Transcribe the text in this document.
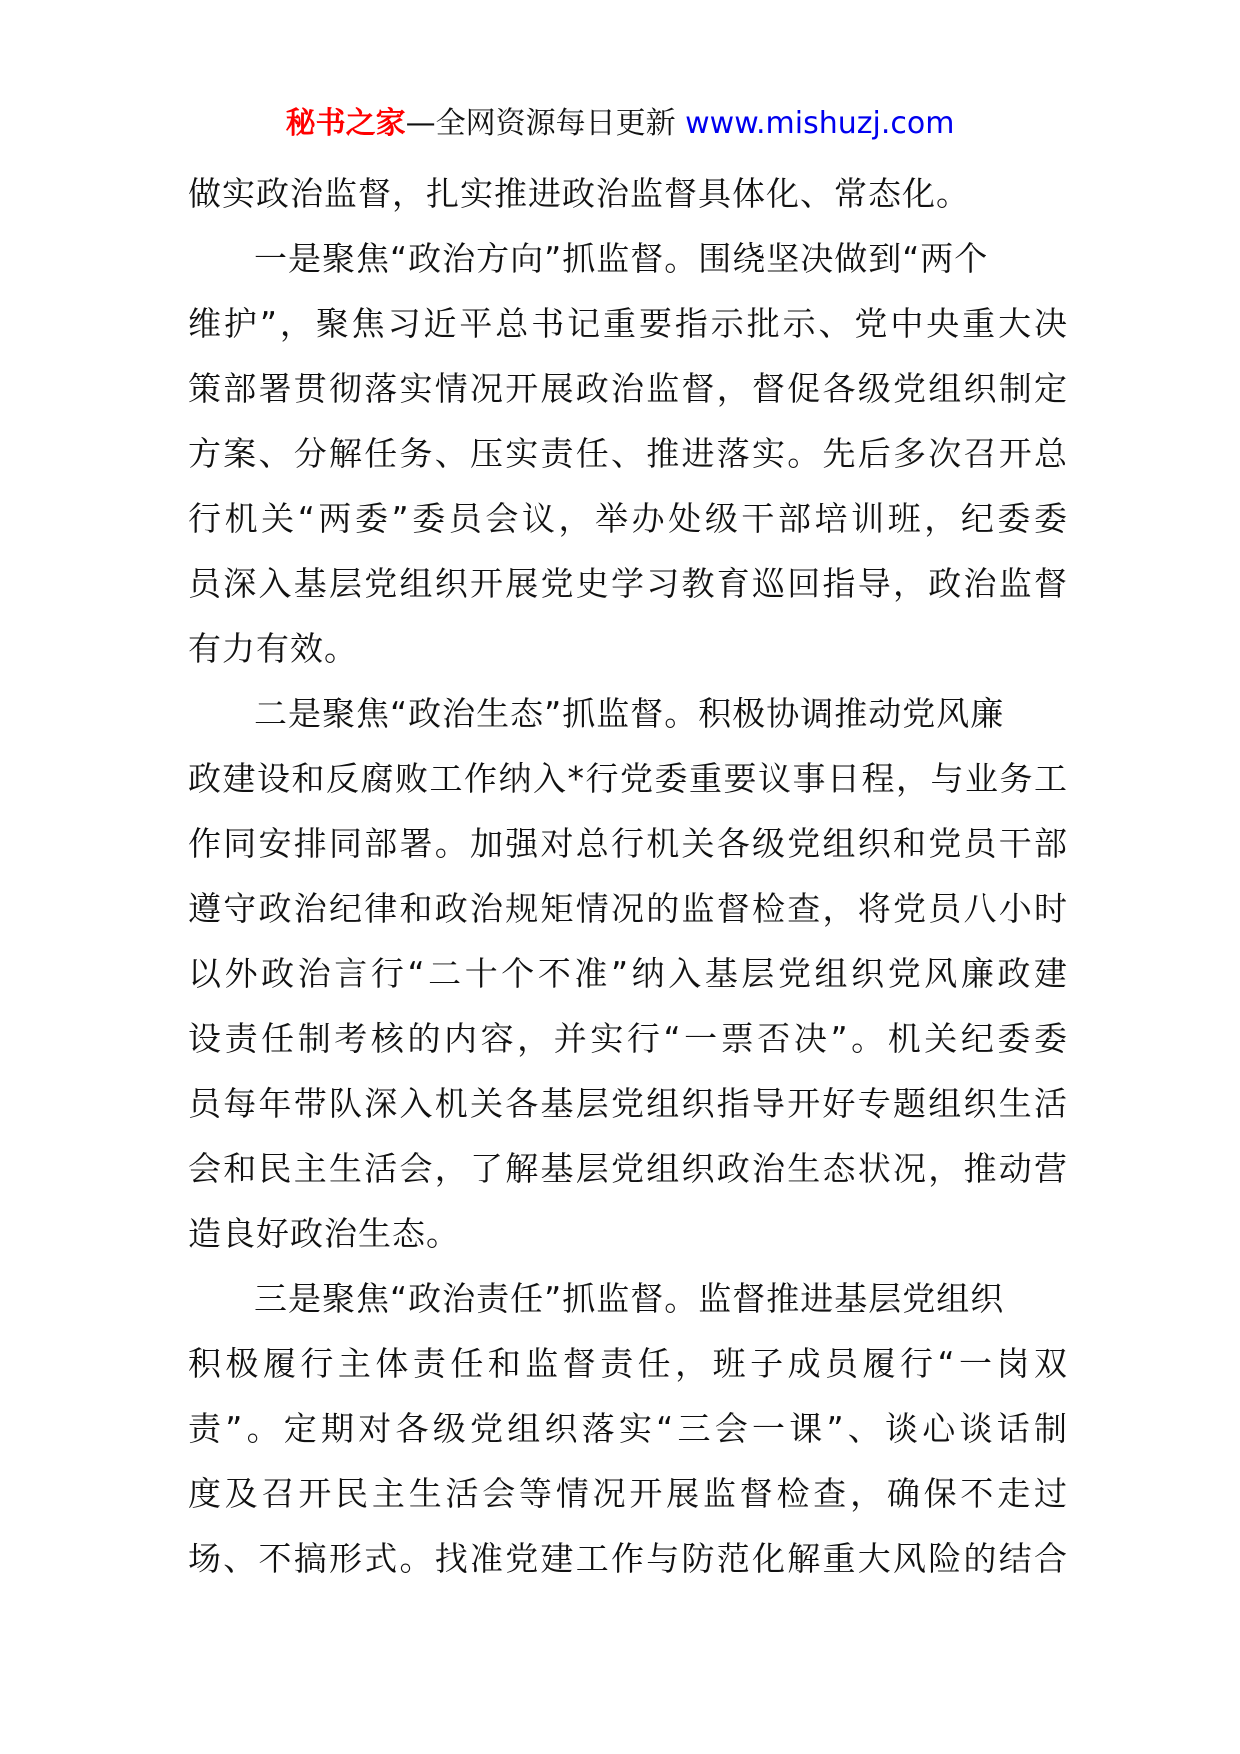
秘书之家—全网资源每日更新 www.mishuzj.com
做实政治监督，扎实推进政治监督具体化、常态化。
一是聚焦“政治方向”抓监督。围绕坚决做到“两个
维护”，聚焦习近平总书记重要指示批示、党中央重大决
策部署贯彻落实情况开展政治监督，督促各级党组织制定
方案、分解任务、压实责任、推进落实。先后多次召开总
行机关“两委”委员会议，举办处级干部培训班，纪委委
员深入基层党组织开展党史学习教育巡回指导，政治监督
有力有效。
二是聚焦“政治生态”抓监督。积极协调推动党风廉
政建设和反腐败工作纳入*行党委重要议事日程，与业务工
作同安排同部署。加强对总行机关各级党组织和党员干部
遵守政治纪律和政治规矩情况的监督检查，将党员八小时
以外政治言行“二十个不准”纳入基层党组织党风廉政建
设责任制考核的内容，并实行“一票否决”。机关纪委委
员每年带队深入机关各基层党组织指导开好专题组织生活
会和民主生活会，了解基层党组织政治生态状况，推动营
造良好政治生态。
三是聚焦“政治责任”抓监督。监督推进基层党组织
积极履行主体责任和监督责任，班子成员履行“一岗双
责”。定期对各级党组织落实“三会一课”、谈心谈话制
度及召开民主生活会等情况开展监督检查，确保不走过
场、不搞形式。找准党建工作与防范化解重大风险的结合
